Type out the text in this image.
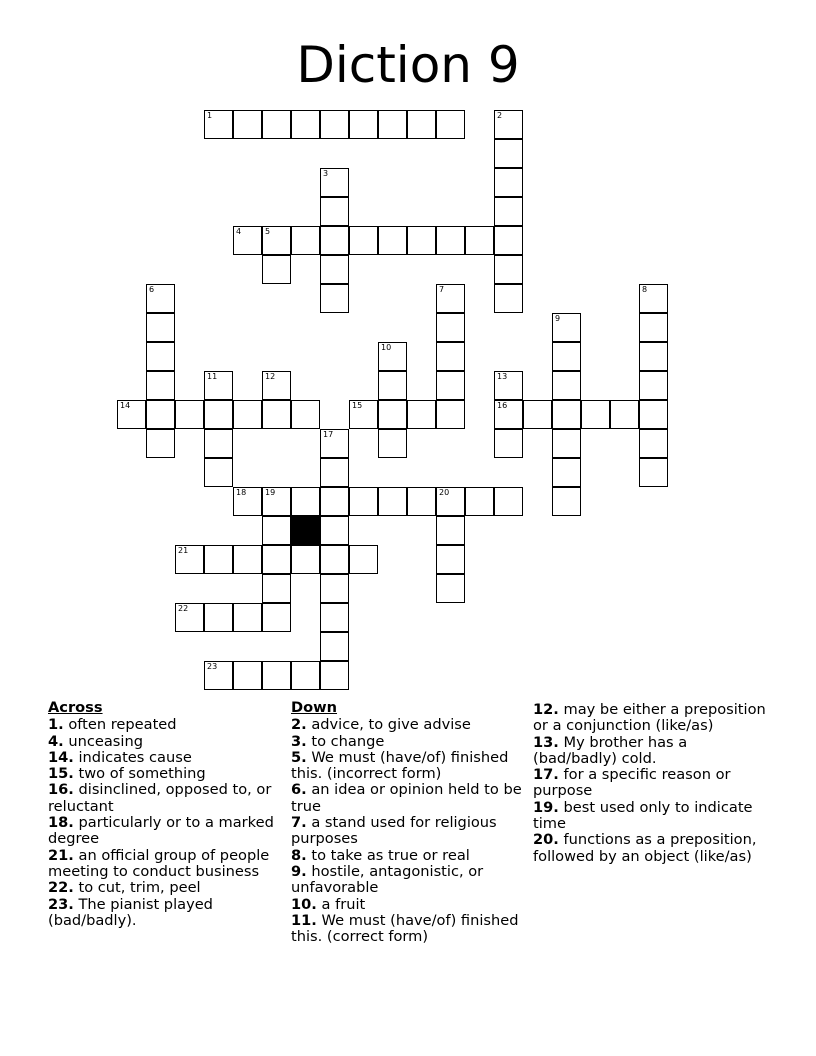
Diction 9
1	2
3
4	5
6	7	8
9
10
11	12	13
16
14	15
17
18 19	20
21
22
23
Across
1. often repeated
4. unceasing
14. indicates cause
15. two of something
16. disinclined, opposed to, or reluctant
18. particularly or to a marked degree
21. an official group of people meeting to conduct business
22. to cut, trim, peel
23. The pianist played (bad/badly).
Down
2. advice, to give advise
3. to change
5. We must (have/of) finished this. (incorrect form)
6. an idea or opinion held to be true
7. a stand used for religious purposes
8. to take as true or real
9. hostile, antagonistic, or unfavorable
10. a fruit
11. We must (have/of) finished this. (correct form)
12. may be either a preposition or a conjunction (like/as)
13. My brother has a (bad/badly) cold.
17. for a specific reason or purpose
19. best used only to indicate time
20. functions as a preposition, followed by an object (like/as)
